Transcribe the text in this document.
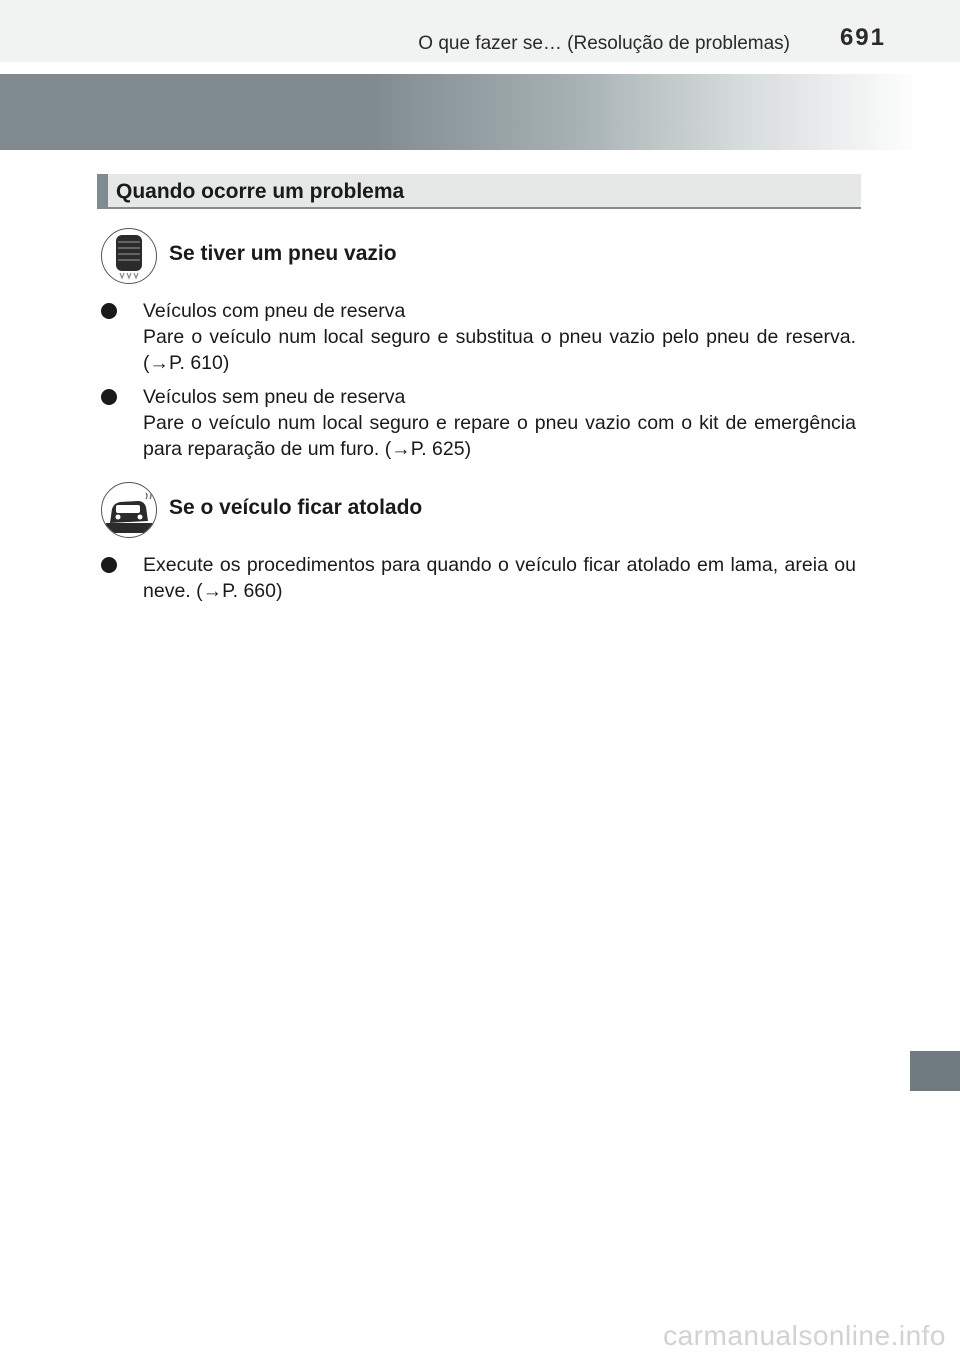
O que fazer se… (Resolução de problemas) 691
Quando ocorre um problema
Se tiver um pneu vazio
Veículos com pneu de reserva
Pare o veículo num local seguro e substitua o pneu vazio pelo pneu de reserva. (→P. 610)
Veículos sem pneu de reserva
Pare o veículo num local seguro e repare o pneu vazio com o kit de emergência para reparação de um furo. (→P. 625)
Se o veículo ficar atolado
Execute os procedimentos para quando o veículo ficar atolado em lama, areia ou neve. (→P. 660)
carmanualsonline.info
